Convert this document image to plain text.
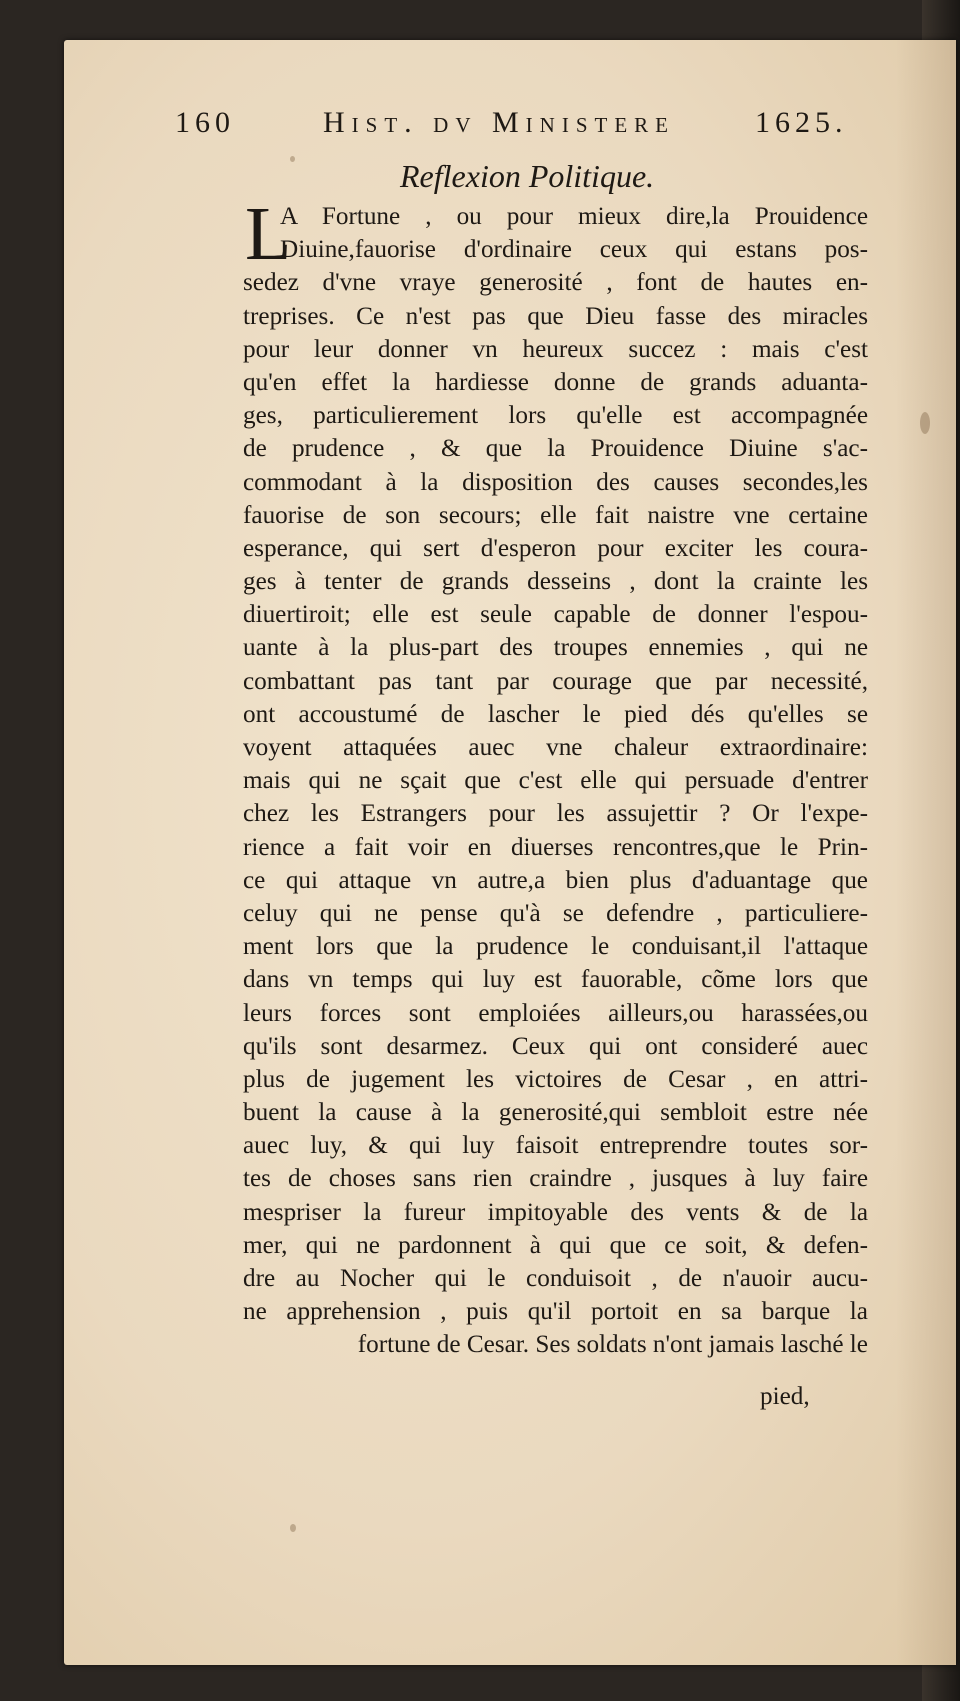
160	Hist. dv Ministere	1625.
Reflexion Politique.
L
A Fortune , ou pour mieux dire,la Prouidence
Diuine,fauorise d'ordinaire ceux qui estans pos-
sedez d'vne vraye generosité , font de hautes en-
treprises. Ce n'est pas que Dieu fasse des miracles
pour leur donner vn heureux succez : mais c'est
qu'en effet la hardiesse donne de grands aduanta-
ges, particulierement lors qu'elle est accompagnée
de prudence , & que la Prouidence Diuine s'ac-
commodant à la disposition des causes secondes,les
fauorise de son secours; elle fait naistre vne certaine
esperance, qui sert d'esperon pour exciter les coura-
ges à tenter de grands desseins , dont la crainte les
diuertiroit; elle est seule capable de donner l'espou-
uante à la plus-part des troupes ennemies , qui ne
combattant pas tant par courage que par necessité,
ont accoustumé de lascher le pied dés qu'elles se
voyent attaquées auec vne chaleur extraordinaire:
mais qui ne sçait que c'est elle qui persuade d'entrer
chez les Estrangers pour les assujettir ? Or l'expe-
rience a fait voir en diuerses rencontres,que le Prin-
ce qui attaque vn autre,a bien plus d'aduantage que
celuy qui ne pense qu'à se defendre , particuliere-
ment lors que la prudence le conduisant,il l'attaque
dans vn temps qui luy est fauorable, cõme lors que
leurs forces sont emploiées ailleurs,ou harassées,ou
qu'ils sont desarmez. Ceux qui ont consideré auec
plus de jugement les victoires de Cesar , en attri-
buent la cause à la generosité,qui sembloit estre née
auec luy, & qui luy faisoit entreprendre toutes sor-
tes de choses sans rien craindre , jusques à luy faire
mespriser la fureur impitoyable des vents & de la
mer, qui ne pardonnent à qui que ce soit, & defen-
dre au Nocher qui le conduisoit , de n'auoir aucu-
ne apprehension , puis qu'il portoit en sa barque la
fortune de Cesar. Ses soldats n'ont jamais lasché le
pied,
